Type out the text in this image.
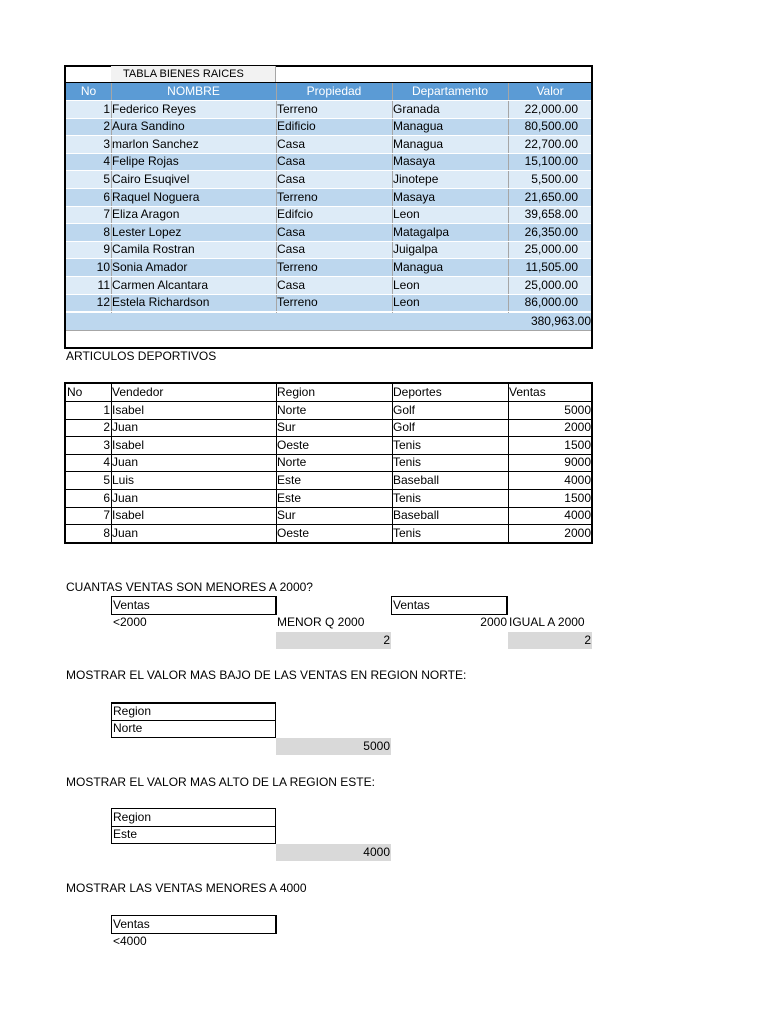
TABLA BIENES RAICES
No	NOMBRE	Propiedad	Departamento	Valor
1 Federico Reyes	Terreno	Granada	22,000.00
2 Aura Sandino	Edificio	Managua	80,500.00
3 marlon Sanchez	Casa	Managua	22,700.00
4 Felipe Rojas	Casa	Masaya	15,100.00
5 Cairo Esuqivel	Casa	Jinotepe	5,500.00
6 Raquel Noguera	Terreno	Masaya	21,650.00
7 Eliza Aragon	Edifcio	Leon	39,658.00
8 Lester Lopez	Casa	Matagalpa	26,350.00
9 Camila Rostran	Casa	Juigalpa	25,000.00
10 Sonia Amador	Terreno	Managua	11,505.00
11 Carmen Alcantara	Casa	Leon	25,000.00
12 Estela Richardson	Terreno	Leon	86,000.00
380,963.00
ARTICULOS DEPORTIVOS
No	Vendedor	Region	Deportes	Ventas
1 Isabel	Norte	Golf	5000
2 Juan	Sur	Golf	2000
3 Isabel	Oeste	Tenis	1500
4 Juan	Norte	Tenis	9000
5 Luis	Este	Baseball	4000
6 Juan	Este	Tenis	1500
7 Isabel	Sur	Baseball	4000
8 Juan	Oeste	Tenis	2000
CUANTAS VENTAS SON MENORES A 2000?
Ventas
<2000	MENOR Q 2000
2
Ventas
2000 IGUAL A 2000
2
MOSTRAR EL VALOR MAS BAJO DE LAS VENTAS EN REGION NORTE:
Region
Norte
5000
MOSTRAR EL VALOR MAS ALTO DE LA REGION ESTE:
Region
Este
4000
MOSTRAR LAS VENTAS MENORES A 4000
Ventas
<4000
